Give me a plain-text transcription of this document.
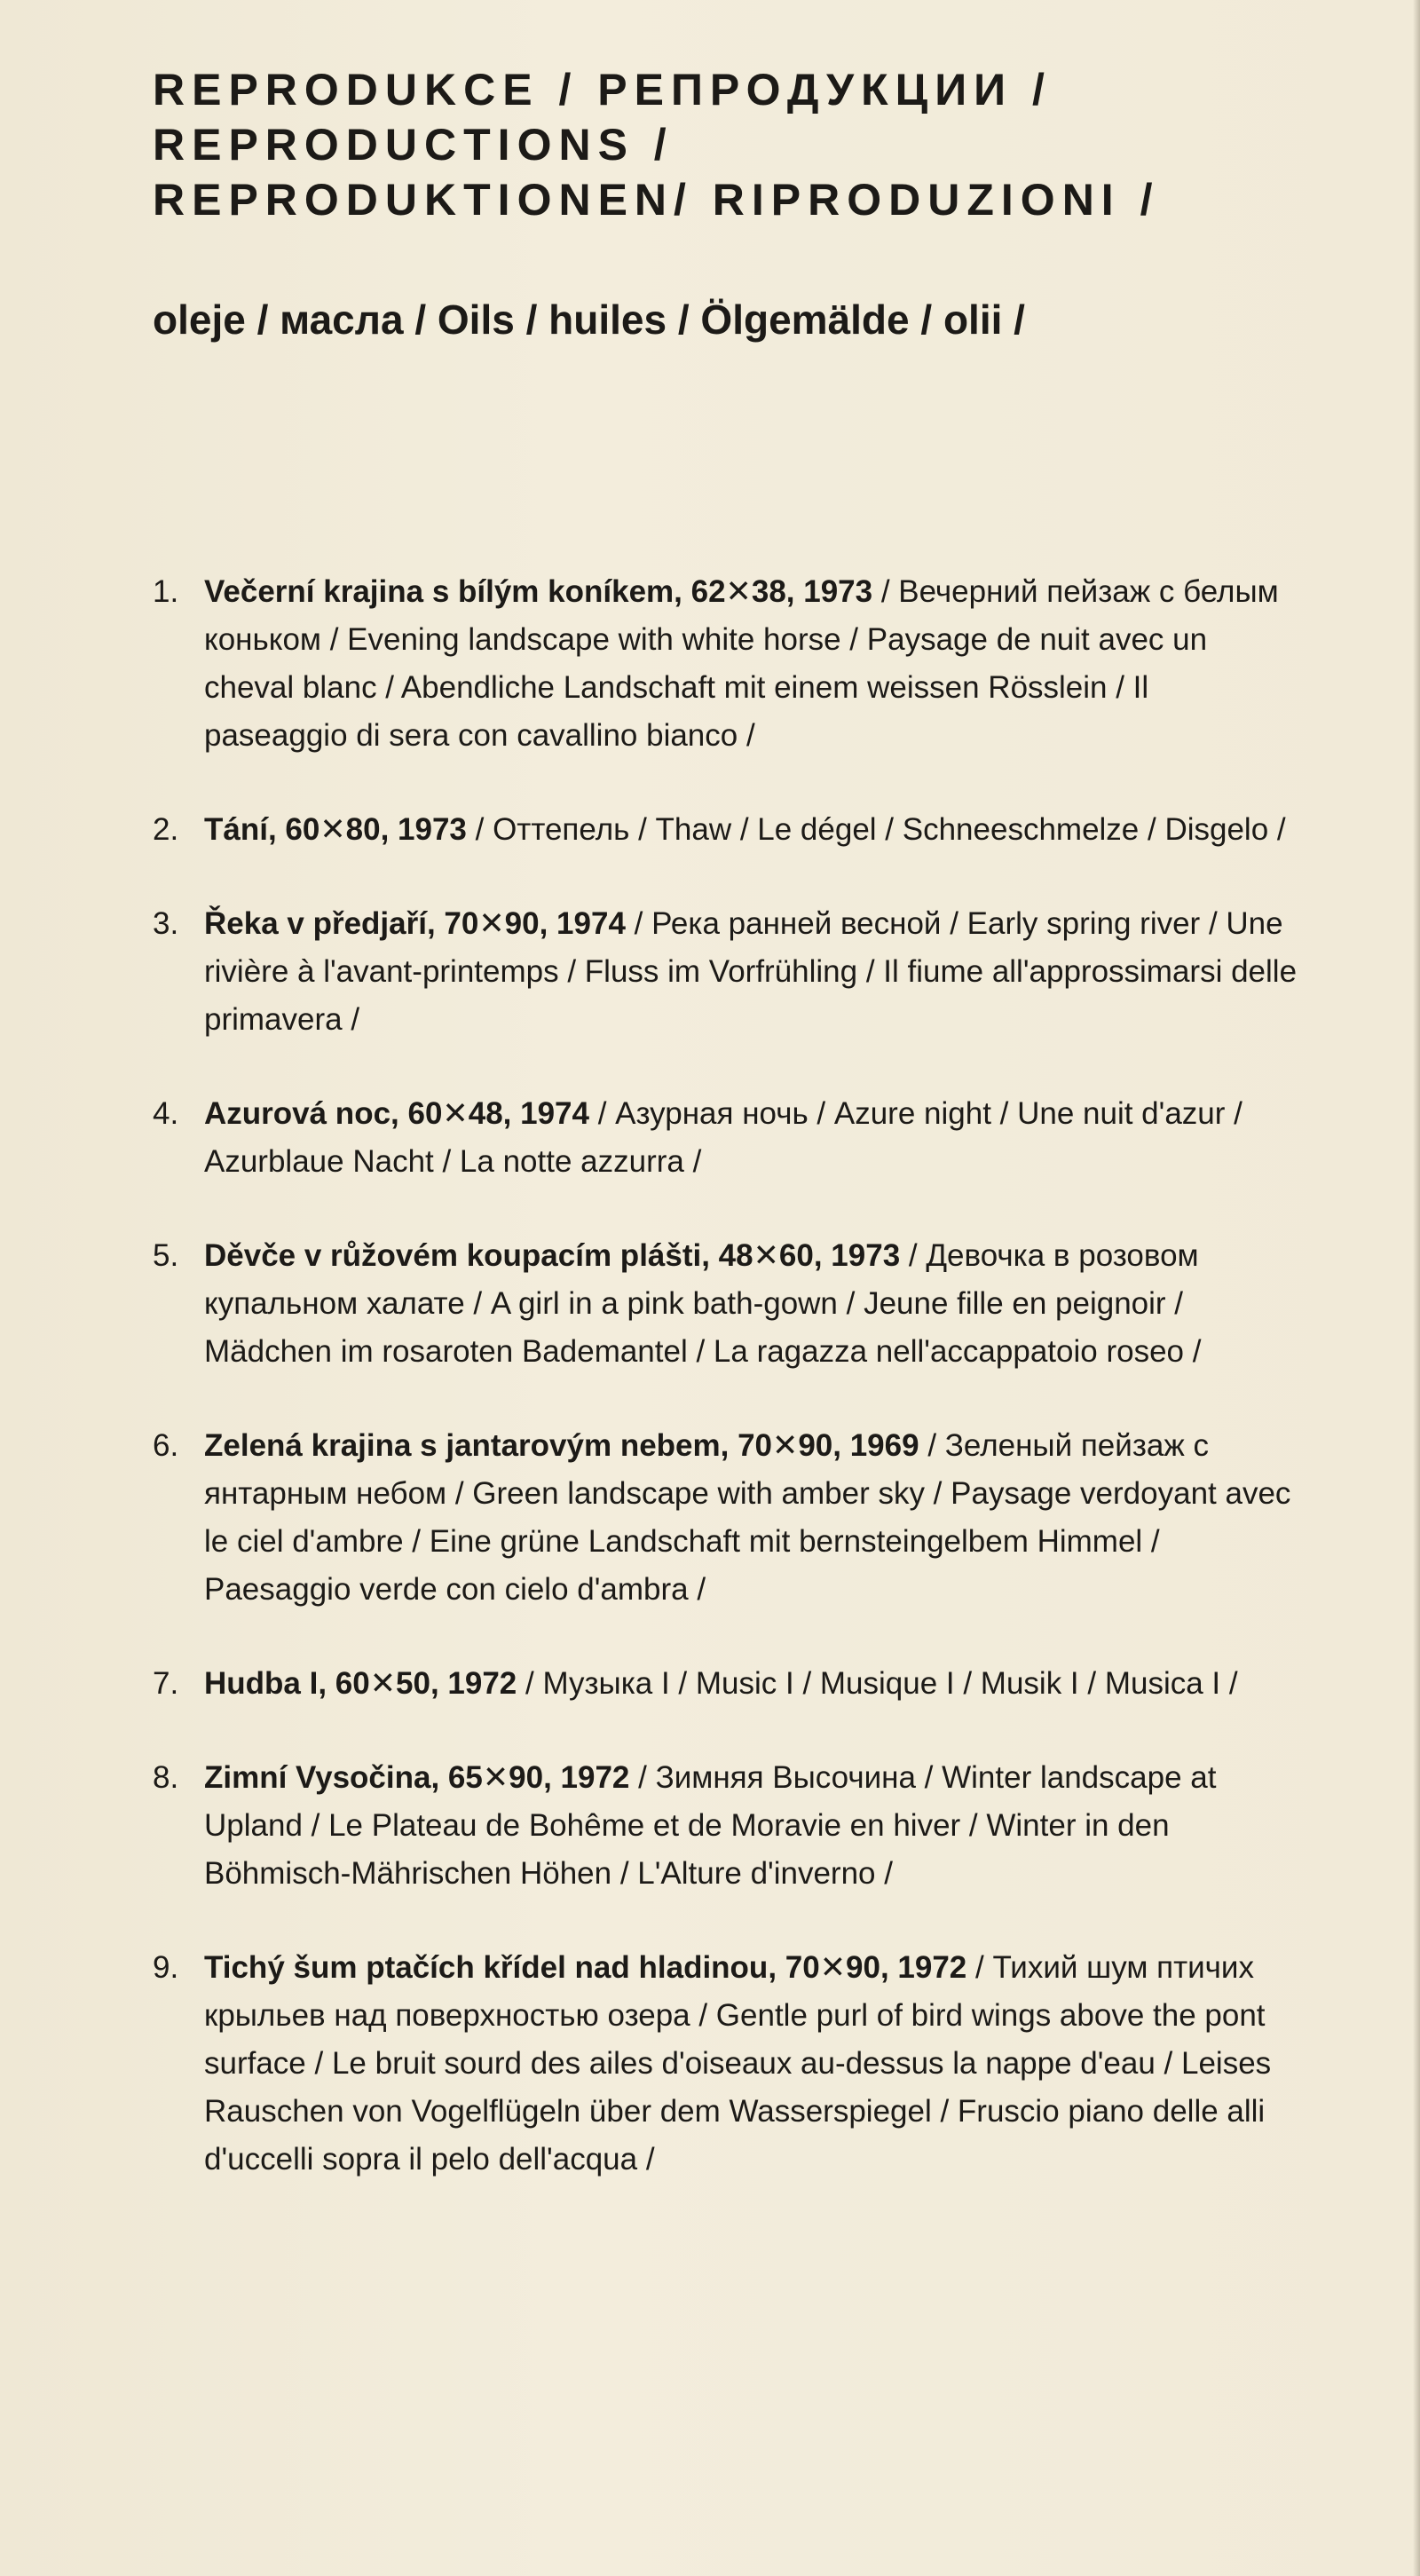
REPRODUKCE / РЕПРОДУКЦИИ /
REPRODUCTIONS /
REPRODUKTIONEN/ RIPRODUZIONI /
oleje / масла / Oils / huiles / Ölgemälde / olii /
1. Večerní krajina s bílým koníkem, 62✕38, 1973 / Вечерний пейзаж с белым коньком / Evening landscape with white horse / Paysage de nuit avec un cheval blanc / Abendliche Landschaft mit einem weissen Rösslein / Il paseaggio di sera con cavallino bianco /
2. Tání, 60✕80, 1973 / Оттепель / Thaw / Le dégel / Schneeschmelze / Disgelo /
3. Řeka v předjaří, 70✕90, 1974 / Река ранней весной / Early spring river / Une rivière à l'avant-printemps / Fluss im Vorfrühling / Il fiume all'approssimarsi delle primavera /
4. Azurová noc, 60✕48, 1974 / Азурная ночь / Azure night / Une nuit d'azur / Azurblaue Nacht / La notte azzurra /
5. Děvče v růžovém koupacím plášti, 48✕60, 1973 / Девочка в розовом купальном халате / A girl in a pink bath-gown / Jeune fille en peignoir / Mädchen im rosaroten Bademantel / La ragazza nell'accappatoio roseo /
6. Zelená krajina s jantarovým nebem, 70✕90, 1969 / Зеленый пейзаж с янтарным небом / Green landscape with amber sky / Paysage verdoyant avec le ciel d'ambre / Eine grüne Landschaft mit bernsteingelbem Himmel / Paesaggio verde con cielo d'ambra /
7. Hudba I, 60✕50, 1972 / Музыка I / Music I / Musique I / Musik I / Musica I /
8. Zimní Vysočina, 65✕90, 1972 / Зимняя Высочина / Winter landscape at Upland / Le Plateau de Bohême et de Moravie en hiver / Winter in den Böhmisch-Mährischen Höhen / L'Alture d'inverno /
9. Tichý šum ptačích křídel nad hladinou, 70✕90, 1972 / Тихий шум птичих крыльев над поверхностью озера / Gentle purl of bird wings above the pont surface / Le bruit sourd des ailes d'oiseaux au-dessus la nappe d'eau / Leises Rauschen von Vogelflügeln über dem Wasserspiegel / Fruscio piano delle alli d'uccelli sopra il pelo dell'acqua /
